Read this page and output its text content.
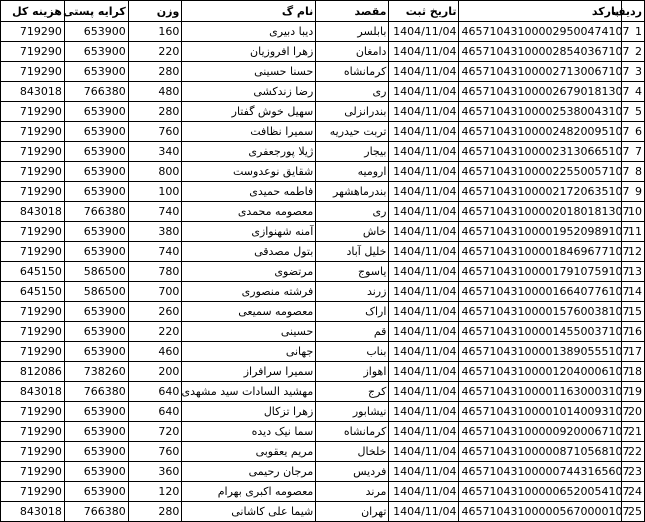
هزینه کل	کرایه پستی	وزن	نام گ	مقصد	تاریخ ثبت	بارکد	ردیف
719290	653900	160	دیبا دبیری	بابلسر	1404/11/04	465710431000029500474107	1
719290	653900	220	زهرا افروزیان	دامغان	1404/11/04	465710431000028540367107	2
719290	653900	280	حسنا حسینی	کرمانشاه	1404/11/04	465710431000027130067107	3
843018	766380	480	رضا زندکشی	ری	1404/11/04	465710431000026790181307	4
719290	653900	280	سهیل خوش گفتار	بندرانزلی	1404/11/04	465710431000025380043107	5
719290	653900	760	سمیرا نظافت	تربت حیدریه	1404/11/04	465710431000024820095107	6
719290	653900	340	ژیلا پورجعفری	بیجار	1404/11/04	465710431000023130665107	7
719290	653900	800	شقایق نوعدوست	ارومیه	1404/11/04	465710431000022550057107	8
719290	653900	100	فاطمه حمیدی	بندرماهشهر	1404/11/04	465710431000021720635107	9
843018	766380	740	معصومه محمدی	ری	1404/11/04	465710431000020180181307	10
719290	653900	380	آمنه شهنوازی	خاش	1404/11/04	465710431000019520989107	11
719290	653900	740	بتول مصدقی	خلیل آباد	1404/11/04	465710431000018469677107	12
645150	586500	780	مرتضوی	یاسوج	1404/11/04	465710431000017910759107	13
645150	586500	700	فرشته منصوری	زرند	1404/11/04	465710431000016640776107	14
719290	653900	260	معصومه سمیعی	اراک	1404/11/04	465710431000015760038107	15
719290	653900	220	حسینی	قم	1404/11/04	465710431000014550037107	16
719290	653900	460	جهانی	بناب	1404/11/04	465710431000013890555107	17
812086	738260	200	سمیرا سرافراز	اهواز	1404/11/04	465710431000012040006107	18
843018	766380	640	مهشید السادات سید مشهدی	کرج	1404/11/04	465710431000011630003107	19
719290	653900	640	زهرا تزکال	نیشابور	1404/11/04	465710431000010140093107	20
719290	653900	720	سما نیک دیده	کرمانشاه	1404/11/04	465710431000009200067107	21
719290	653900	760	مریم یعقوبی	خلخال	1404/11/04	465710431000008710568107	22
719290	653900	360	مرجان رحیمی	فردیس	1404/11/04	465710431000007443165607	23
719290	653900	120	معصومه اکبری بهرام	مرند	1404/11/04	465710431000006520054107	24
843018	766380	280	شیما علی کاشانی	تهران	1404/11/04	465710431000005670000107	25
